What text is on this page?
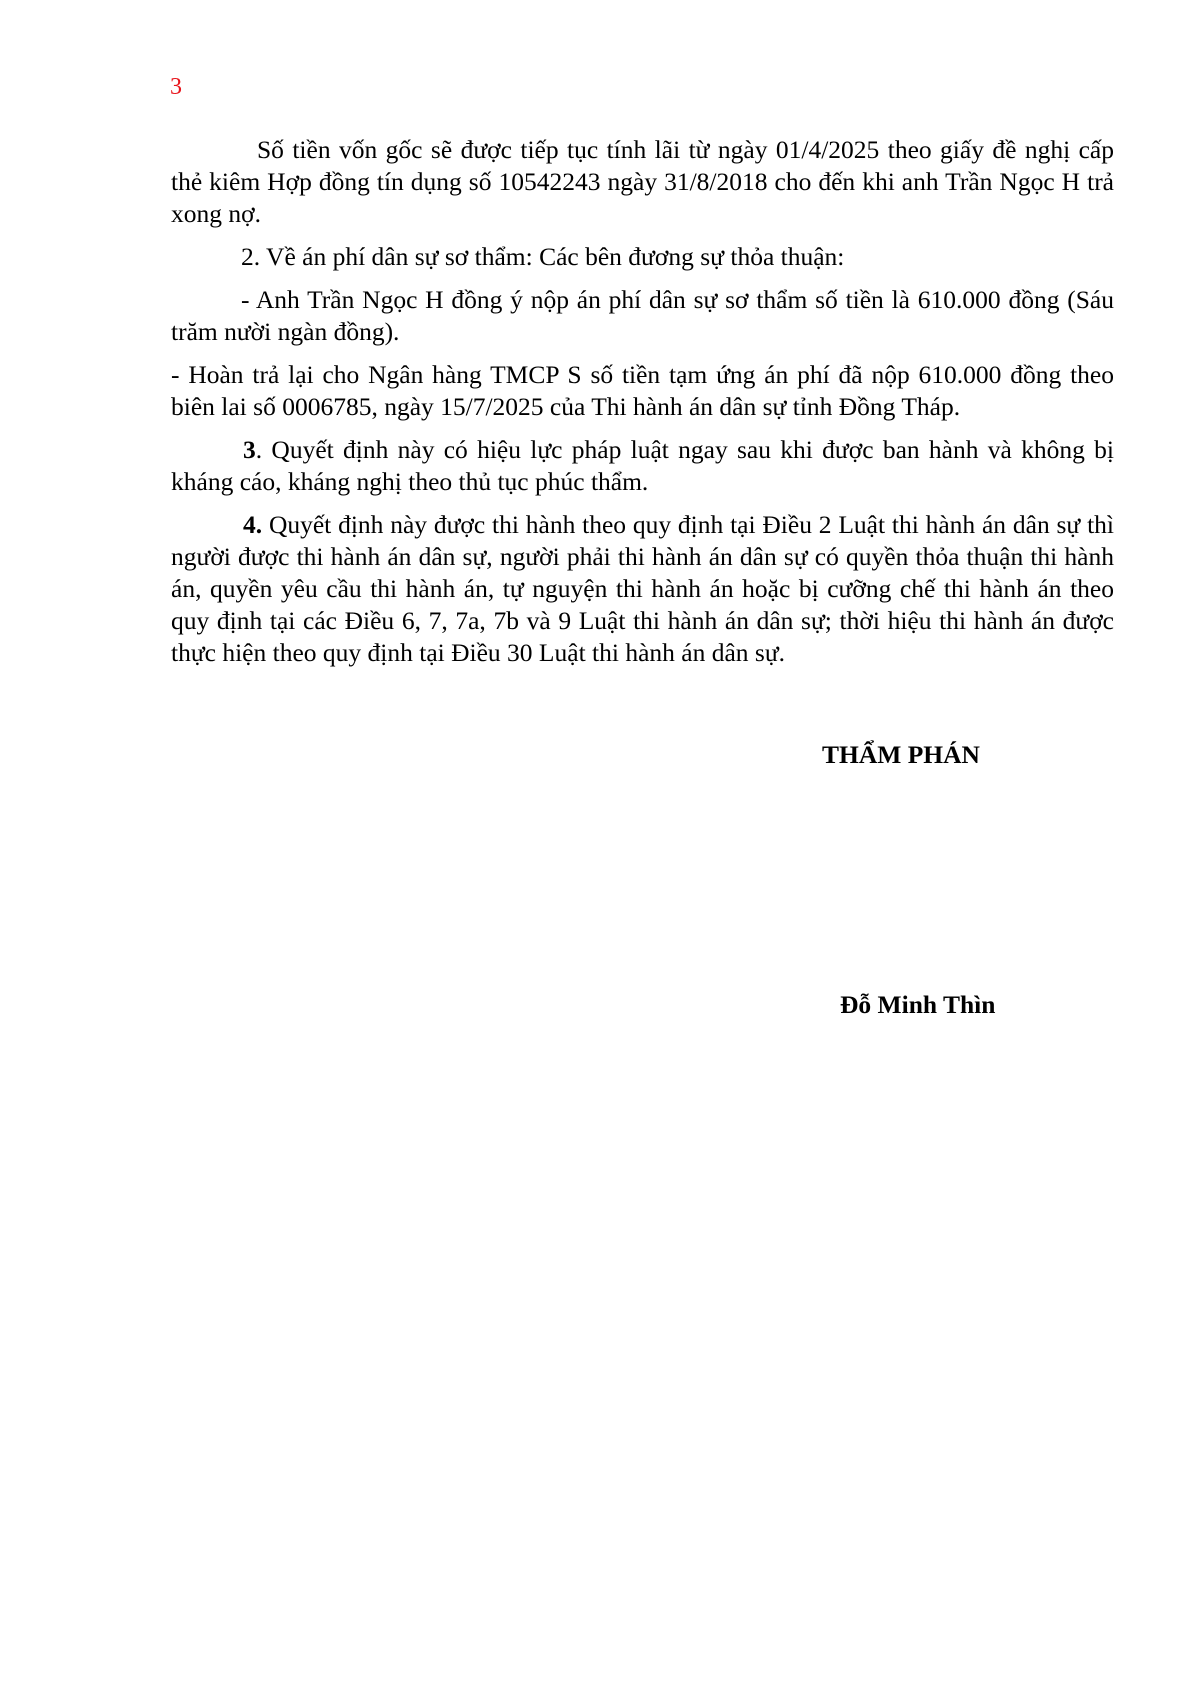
3

Số tiền vốn gốc sẽ được tiếp tục tính lãi từ ngày 01/4/2025 theo giấy đề nghị cấp thẻ kiêm Hợp đồng tín dụng số 10542243 ngày 31/8/2018 cho đến khi anh Trần Ngọc H trả xong nợ.

2. Về án phí dân sự sơ thẩm: Các bên đương sự thỏa thuận:

- Anh Trần Ngọc H đồng ý nộp án phí dân sự sơ thẩm số tiền là 610.000 đồng (Sáu trăm nười ngàn đồng).

- Hoàn trả lại cho Ngân hàng TMCP S số tiền tạm ứng án phí đã nộp 610.000 đồng theo biên lai số 0006785, ngày 15/7/2025 của Thi hành án dân sự tỉnh Đồng Tháp.

3. Quyết định này có hiệu lực pháp luật ngay sau khi được ban hành và không bị kháng cáo, kháng nghị theo thủ tục phúc thẩm.

4. Quyết định này được thi hành theo quy định tại Điều 2 Luật thi hành án dân sự thì người được thi hành án dân sự, người phải thi hành án dân sự có quyền thỏa thuận thi hành án, quyền yêu cầu thi hành án, tự nguyện thi hành án hoặc bị cưỡng chế thi hành án theo quy định tại các Điều 6, 7, 7a, 7b và 9 Luật thi hành án dân sự; thời hiệu thi hành án được thực hiện theo quy định tại Điều 30 Luật thi hành án dân sự.

THẨM PHÁN
Đỗ Minh Thìn
